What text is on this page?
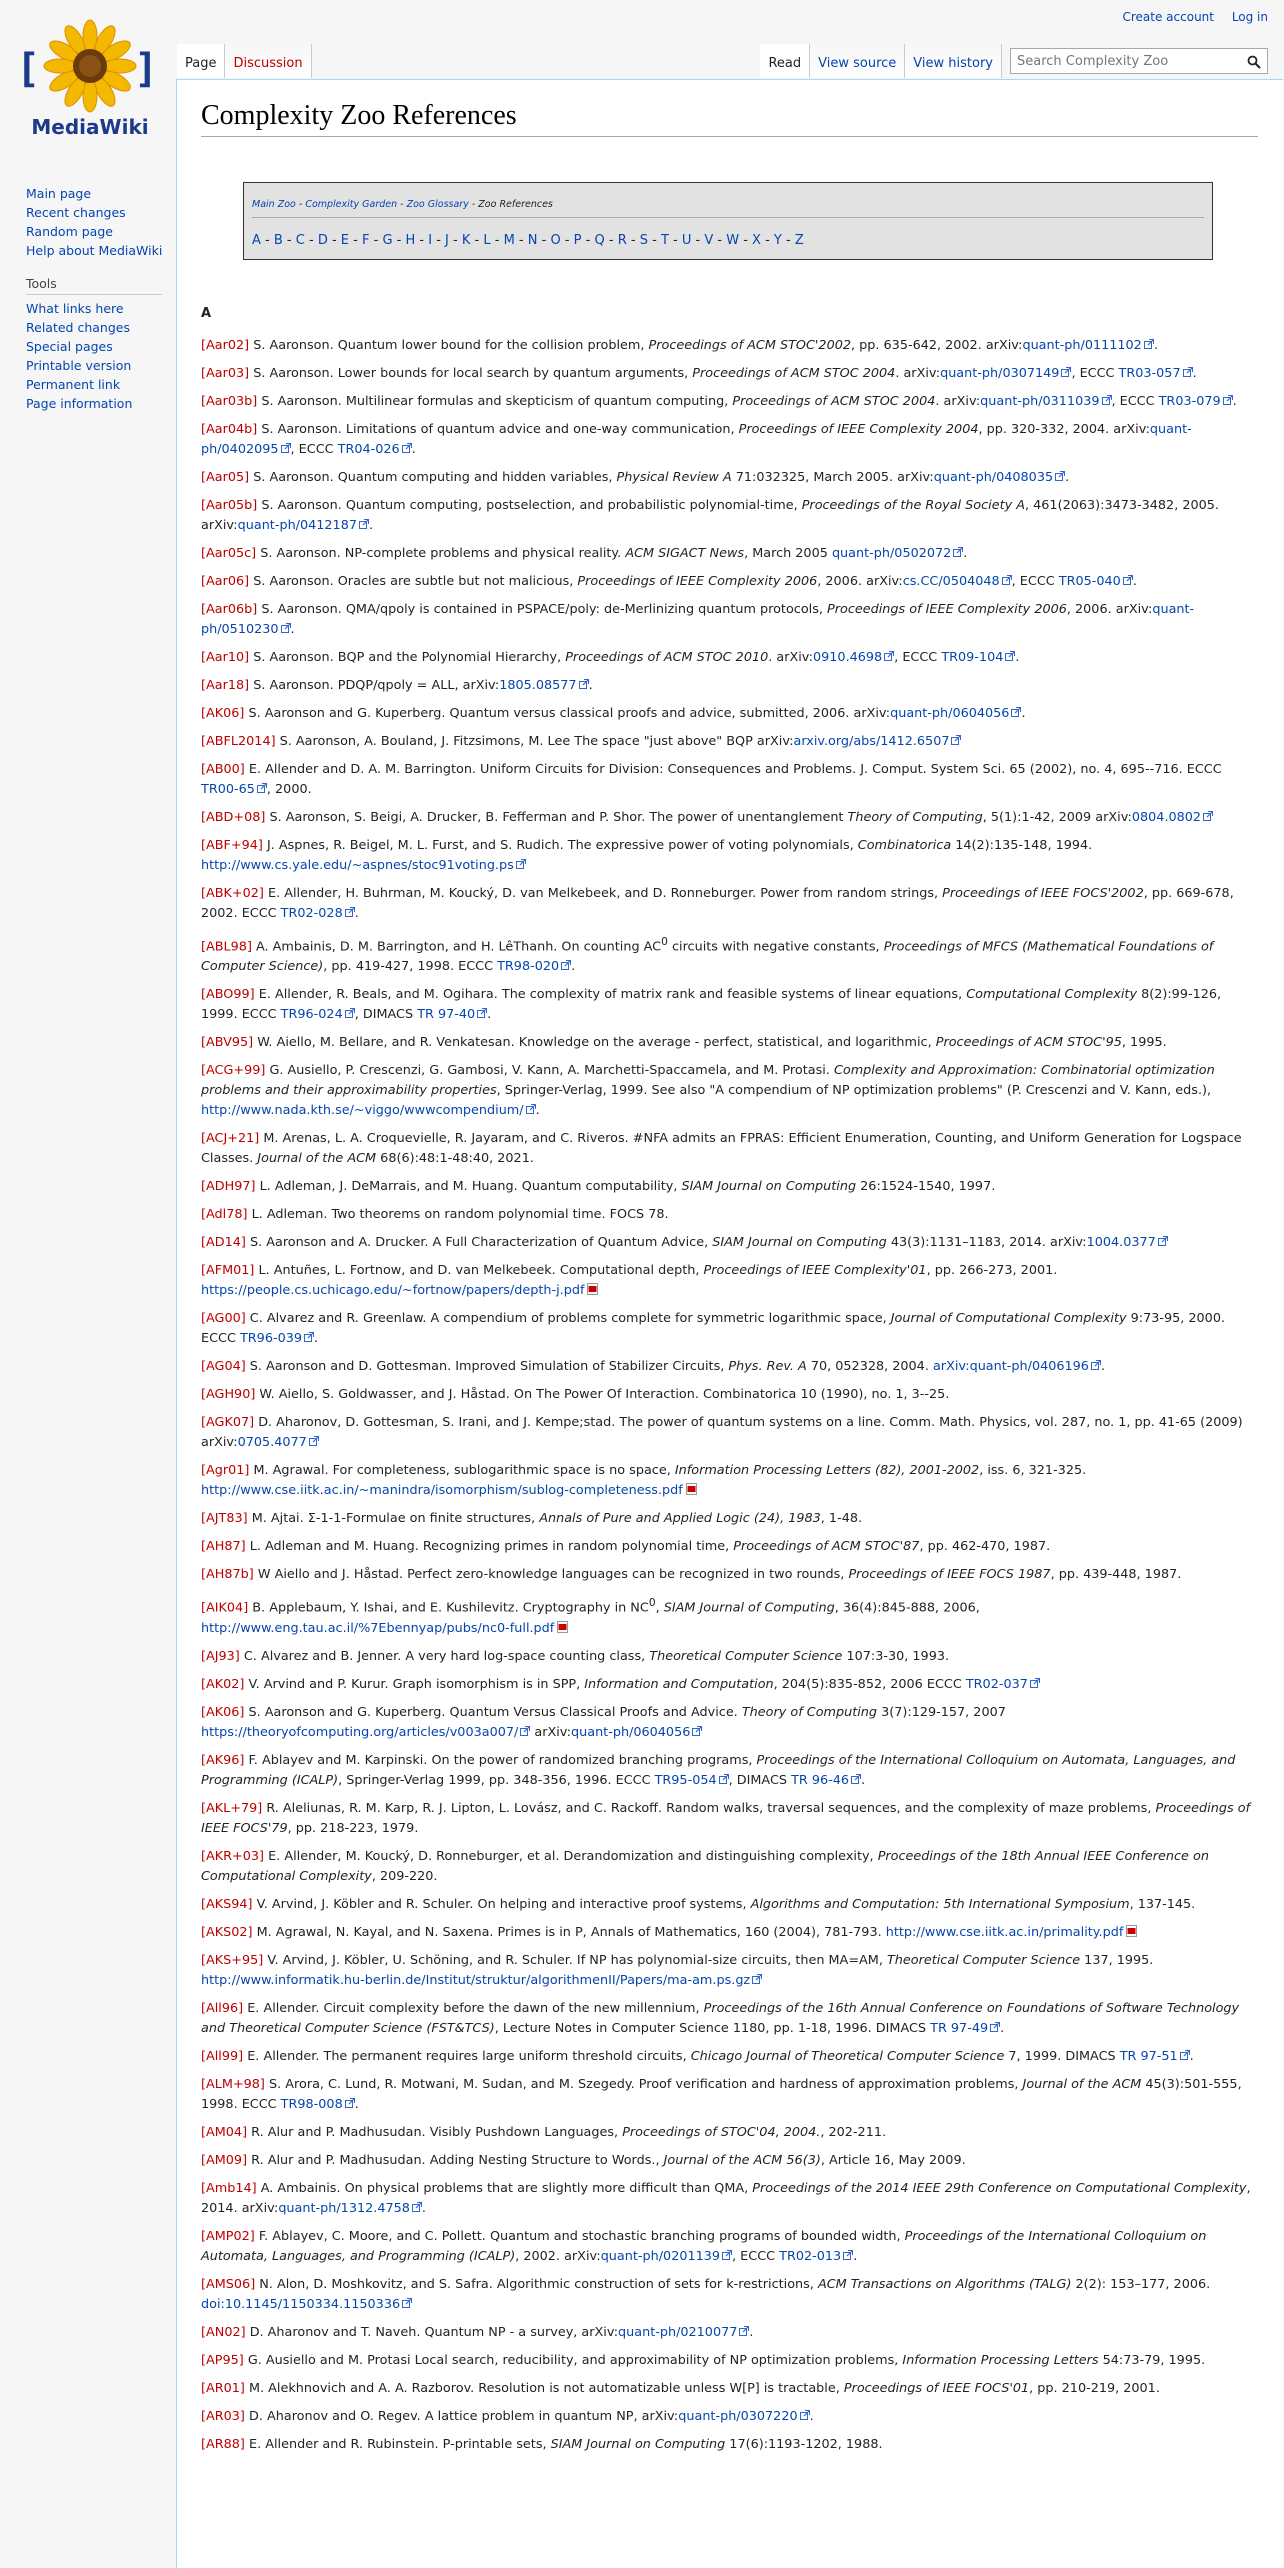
[ ]
MediaWiki
Main page
Recent changes
Random page
Help about MediaWiki
Tools
What links here
Related changes
Special pages
Printable version
Permanent link
Page information
Create account Log in
Page	Discussion	Read	View source	View history
Search Complexity Zoo
Complexity Zoo References
Main Zoo - Complexity Garden - Zoo Glossary - Zoo References
A - B - C - D - E - F - G - H - I - J - K - L - M - N - O - P - Q - R - S - T - U - V - W - X - Y - Z
A

[Aar02] S. Aaronson. Quantum lower bound for the collision problem, Proceedings of ACM STOC'2002, pp. 635-642, 2002. arXiv:quant-ph/0111102 .

[Aar03] S. Aaronson. Lower bounds for local search by quantum arguments, Proceedings of ACM STOC 2004. arXiv:quant-ph/0307149 , ECCC TR03-057 .

[Aar03b] S. Aaronson. Multilinear formulas and skepticism of quantum computing, Proceedings of ACM STOC 2004. arXiv:quant-ph/0311039 , ECCC TR03-079 .

[Aar04b] S. Aaronson. Limitations of quantum advice and one-way communication, Proceedings of IEEE Complexity 2004, pp. 320-332, 2004. arXiv:quant-ph/0402095 , ECCC TR04-026 .

[Aar05] S. Aaronson. Quantum computing and hidden variables, Physical Review A 71:032325, March 2005. arXiv:quant-ph/0408035 .

[Aar05b] S. Aaronson. Quantum computing, postselection, and probabilistic polynomial-time, Proceedings of the Royal Society A, 461(2063):3473-3482, 2005. arXiv:quant-ph/0412187 .

[Aar05c] S. Aaronson. NP-complete problems and physical reality. ACM SIGACT News, March 2005 quant-ph/0502072 .

[Aar06] S. Aaronson. Oracles are subtle but not malicious, Proceedings of IEEE Complexity 2006, 2006. arXiv:cs.CC/0504048 , ECCC TR05-040 .

[Aar06b] S. Aaronson. QMA/qpoly is contained in PSPACE/poly: de-Merlinizing quantum protocols, Proceedings of IEEE Complexity 2006, 2006. arXiv:quant-ph/0510230 .

[Aar10] S. Aaronson. BQP and the Polynomial Hierarchy, Proceedings of ACM STOC 2010. arXiv:0910.4698 , ECCC TR09-104 .

[Aar18] S. Aaronson. PDQP/qpoly = ALL, arXiv:1805.08577 .

[AK06] S. Aaronson and G. Kuperberg. Quantum versus classical proofs and advice, submitted, 2006. arXiv:quant-ph/0604056 .

[ABFL2014] S. Aaronson, A. Bouland, J. Fitzsimons, M. Lee The space "just above" BQP arXiv:arxiv.org/abs/1412.6507

[AB00] E. Allender and D. A. M. Barrington. Uniform Circuits for Division: Consequences and Problems. J. Comput. System Sci. 65 (2002), no. 4, 695--716. ECCC TR00-65 , 2000.

[ABD+08] S. Aaronson, S. Beigi, A. Drucker, B. Fefferman and P. Shor. The power of unentanglement Theory of Computing, 5(1):1-42, 2009 arXiv:0804.0802

[ABF+94] J. Aspnes, R. Beigel, M. L. Furst, and S. Rudich. The expressive power of voting polynomials, Combinatorica 14(2):135-148, 1994. http://www.cs.yale.edu/~aspnes/stoc91voting.ps

[ABK+02] E. Allender, H. Buhrman, M. Koucký, D. van Melkebeek, and D. Ronneburger. Power from random strings, Proceedings of IEEE FOCS'2002, pp. 669-678, 2002. ECCC TR02-028 .

[ABL98] A. Ambainis, D. M. Barrington, and H. LêThanh. On counting $AC^0$ circuits with negative constants, Proceedings of MFCS (Mathematical Foundations of Computer Science), pp. 419-427, 1998. ECCC TR98-020 .

[ABO99] E. Allender, R. Beals, and M. Ogihara. The complexity of matrix rank and feasible systems of linear equations, Computational Complexity 8(2):99-126, 1999. ECCC TR96-024 , DIMACS TR 97-40 .

[ABV95] W. Aiello, M. Bellare, and R. Venkatesan. Knowledge on the average - perfect, statistical, and logarithmic, Proceedings of ACM STOC'95, 1995.

[ACG+99] G. Ausiello, P. Crescenzi, G. Gambosi, V. Kann, A. Marchetti-Spaccamela, and M. Protasi. Complexity and Approximation: Combinatorial optimization problems and their approximability properties, Springer-Verlag, 1999. See also "A compendium of NP optimization problems" (P. Crescenzi and V. Kann, eds.), http://www.nada.kth.se/~viggo/wwwcompendium/ .

[ACJ+21] M. Arenas, L. A. Croquevielle, R. Jayaram, and C. Riveros. #NFA admits an FPRAS: Efficient Enumeration, Counting, and Uniform Generation for Logspace Classes. Journal of the ACM 68(6):48:1-48:40, 2021.

[ADH97] L. Adleman, J. DeMarrais, and M. Huang. Quantum computability, SIAM Journal on Computing 26:1524-1540, 1997.

[Adl78] L. Adleman. Two theorems on random polynomial time. FOCS 78.

[AD14] S. Aaronson and A. Drucker. A Full Characterization of Quantum Advice, SIAM Journal on Computing 43(3):1131–1183, 2014. arXiv:1004.0377

[AFM01] L. Antuñes, L. Fortnow, and D. van Melkebeek. Computational depth, Proceedings of IEEE Complexity'01, pp. 266-273, 2001. https://people.cs.uchicago.edu/~fortnow/papers/depth-j.pdf

[AG00] C. Alvarez and R. Greenlaw. A compendium of problems complete for symmetric logarithmic space, Journal of Computational Complexity 9:73-95, 2000. ECCC TR96-039 .

[AG04] S. Aaronson and D. Gottesman. Improved Simulation of Stabilizer Circuits, Phys. Rev. A 70, 052328, 2004. arXiv:quant-ph/0406196 .

[AGH90] W. Aiello, S. Goldwasser, and J. Håstad. On The Power Of Interaction. Combinatorica 10 (1990), no. 1, 3--25.

[AGK07] D. Aharonov, D. Gottesman, S. Irani, and J. Kempe;stad. The power of quantum systems on a line. Comm. Math. Physics, vol. 287, no. 1, pp. 41-65 (2009) arXiv:0705.4077

[Agr01] M. Agrawal. For completeness, sublogarithmic space is no space, Information Processing Letters (82), 2001-2002, iss. 6, 321-325. http://www.cse.iitk.ac.in/~manindra/isomorphism/sublog-completeness.pdf

[AJT83] M. Ajtai. Σ-1-1-Formulae on finite structures, Annals of Pure and Applied Logic (24), 1983, 1-48.

[AH87] L. Adleman and M. Huang. Recognizing primes in random polynomial time, Proceedings of ACM STOC'87, pp. 462-470, 1987.

[AH87b] W Aiello and J. Håstad. Perfect zero-knowledge languages can be recognized in two rounds, Proceedings of IEEE FOCS 1987, pp. 439-448, 1987.

[AIK04] B. Applebaum, Y. Ishai, and E. Kushilevitz. Cryptography in $NC^0$, SIAM Journal of Computing, 36(4):845-888, 2006, http://www.eng.tau.ac.il/%7Ebennyap/pubs/nc0-full.pdf

[AJ93] C. Alvarez and B. Jenner. A very hard log-space counting class, Theoretical Computer Science 107:3-30, 1993.

[AK02] V. Arvind and P. Kurur. Graph isomorphism is in SPP, Information and Computation, 204(5):835-852, 2006 ECCC TR02-037

[AK06] S. Aaronson and G. Kuperberg. Quantum Versus Classical Proofs and Advice. Theory of Computing 3(7):129-157, 2007 https://theoryofcomputing.org/articles/v003a007/ arXiv:quant-ph/0604056

[AK96] F. Ablayev and M. Karpinski. On the power of randomized branching programs, Proceedings of the International Colloquium on Automata, Languages, and Programming (ICALP), Springer-Verlag 1999, pp. 348-356, 1996. ECCC TR95-054 , DIMACS TR 96-46 .

[AKL+79] R. Aleliunas, R. M. Karp, R. J. Lipton, L. Lovász, and C. Rackoff. Random walks, traversal sequences, and the complexity of maze problems, Proceedings of IEEE FOCS'79, pp. 218-223, 1979.

[AKR+03] E. Allender, M. Koucký, D. Ronneburger, et al. Derandomization and distinguishing complexity, Proceedings of the 18th Annual IEEE Conference on Computational Complexity, 209-220.

[AKS94] V. Arvind, J. Köbler and R. Schuler. On helping and interactive proof systems, Algorithms and Computation: 5th International Symposium, 137-145.

[AKS02] M. Agrawal, N. Kayal, and N. Saxena. Primes is in P, Annals of Mathematics, 160 (2004), 781-793. http://www.cse.iitk.ac.in/primality.pdf

[AKS+95] V. Arvind, J. Köbler, U. Schöning, and R. Schuler. If NP has polynomial-size circuits, then MA=AM, Theoretical Computer Science 137, 1995. http://www.informatik.hu-berlin.de/Institut/struktur/algorithmenII/Papers/ma-am.ps.gz

[All96] E. Allender. Circuit complexity before the dawn of the new millennium, Proceedings of the 16th Annual Conference on Foundations of Software Technology and Theoretical Computer Science (FST&TCS), Lecture Notes in Computer Science 1180, pp. 1-18, 1996. DIMACS TR 97-49 .

[All99] E. Allender. The permanent requires large uniform threshold circuits, Chicago Journal of Theoretical Computer Science 7, 1999. DIMACS TR 97-51 .

[ALM+98] S. Arora, C. Lund, R. Motwani, M. Sudan, and M. Szegedy. Proof verification and hardness of approximation problems, Journal of the ACM 45(3):501-555, 1998. ECCC TR98-008 .

[AM04] R. Alur and P. Madhusudan. Visibly Pushdown Languages, Proceedings of STOC'04, 2004., 202-211.

[AM09] R. Alur and P. Madhusudan. Adding Nesting Structure to Words., Journal of the ACM 56(3), Article 16, May 2009.

[Amb14] A. Ambainis. On physical problems that are slightly more difficult than QMA, Proceedings of the 2014 IEEE 29th Conference on Computational Complexity, 2014. arXiv:quant-ph/1312.4758 .

[AMP02] F. Ablayev, C. Moore, and C. Pollett. Quantum and stochastic branching programs of bounded width, Proceedings of the International Colloquium on Automata, Languages, and Programming (ICALP), 2002. arXiv:quant-ph/0201139 , ECCC TR02-013 .

[AMS06] N. Alon, D. Moshkovitz, and S. Safra. Algorithmic construction of sets for k-restrictions, ACM Transactions on Algorithms (TALG) 2(2): 153–177, 2006. doi:10.1145/1150334.1150336

[AN02] D. Aharonov and T. Naveh. Quantum NP - a survey, arXiv:quant-ph/0210077 .

[AP95] G. Ausiello and M. Protasi Local search, reducibility, and approximability of NP optimization problems, Information Processing Letters 54:73-79, 1995.

[AR01] M. Alekhnovich and A. A. Razborov. Resolution is not automatizable unless W[P] is tractable, Proceedings of IEEE FOCS'01, pp. 210-219, 2001.

[AR03] D. Aharonov and O. Regev. A lattice problem in quantum NP, arXiv:quant-ph/0307220 .

[AR88] E. Allender and R. Rubinstein. P-printable sets, SIAM Journal on Computing 17(6):1193-1202, 1988.
